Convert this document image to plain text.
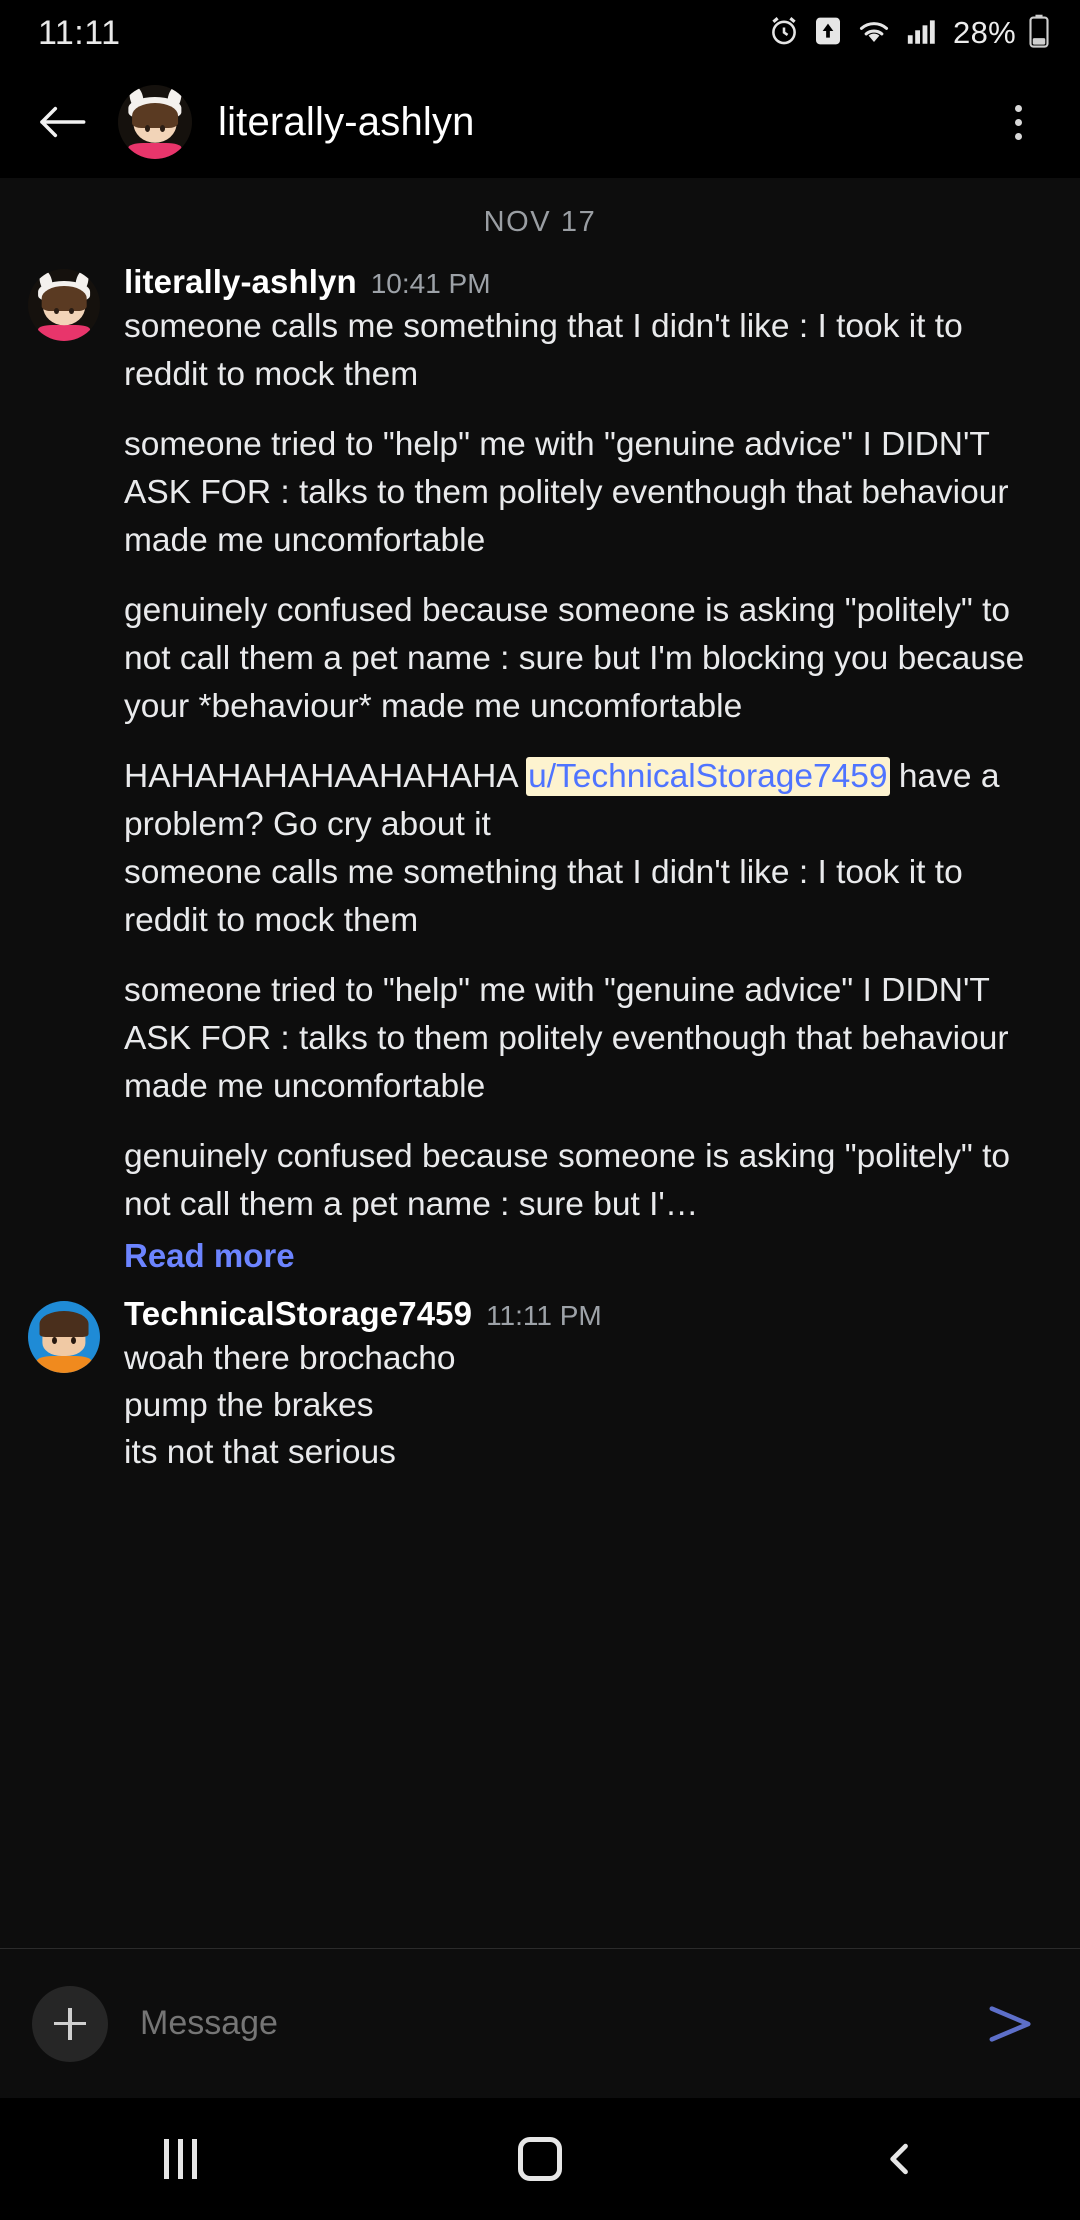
11:11	28%
literally-ashlyn
NOV 17
literally-ashlyn 10:41 PM
someone calls me something that I didn't like : I took it to reddit to mock them
someone tried to "help" me with "genuine advice" I DIDN'T ASK FOR : talks to them politely eventhough that behaviour made me uncomfortable
genuinely confused because someone is asking "politely" to not call them a pet name : sure but I'm blocking you because your *behaviour* made me uncomfortable
HAHAHAHAHAAHAHAHA u/TechnicalStorage7459 have a problem? Go cry about it
someone calls me something that I didn't like : I took it to reddit to mock them
someone tried to "help" me with "genuine advice" I DIDN'T ASK FOR : talks to them politely eventhough that behaviour made me uncomfortable
genuinely confused because someone is asking "politely" to not call them a pet name : sure but I'…
Read more
TechnicalStorage7459 11:11 PM
woah there brochacho
pump the brakes
its not that serious
Message
